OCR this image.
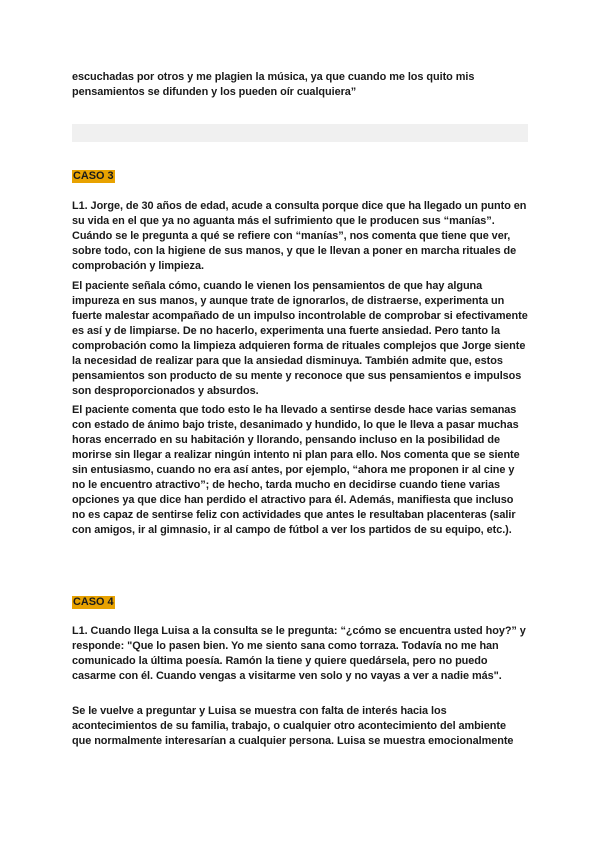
escuchadas por otros y me plagien la música, ya que cuando me los quito mis pensamientos se difunden y los pueden oír cualquiera”

CASO 3

L1. Jorge, de 30 años de edad, acude a consulta porque dice que ha llegado un punto en su vida en el que ya no aguanta más el sufrimiento que le producen sus “manías”. Cuándo se le pregunta a qué se refiere con “manías”, nos comenta que tiene que ver, sobre todo, con la higiene de sus manos, y que le llevan a poner en marcha rituales de comprobación y limpieza.

El paciente señala cómo, cuando le vienen los pensamientos de que hay alguna impureza en sus manos, y aunque trate de ignorarlos, de distraerse, experimenta un fuerte malestar acompañado de un impulso incontrolable de comprobar si efectivamente es así y de limpiarse. De no hacerlo, experimenta una fuerte ansiedad. Pero tanto la comprobación como la limpieza adquieren forma de rituales complejos que Jorge siente la necesidad de realizar para que la ansiedad disminuya. También admite que, estos pensamientos son producto de su mente y reconoce que sus pensamientos e impulsos son desproporcionados y absurdos.

El paciente comenta que todo esto le ha llevado a sentirse desde hace varias semanas con estado de ánimo bajo triste, desanimado y hundido, lo que le lleva a pasar muchas horas encerrado en su habitación y llorando, pensando incluso en la posibilidad de morirse sin llegar a realizar ningún intento ni plan para ello. Nos comenta que se siente sin entusiasmo, cuando no era así antes, por ejemplo, “ahora me proponen ir al cine y no le encuentro atractivo”; de hecho, tarda mucho en decidirse cuando tiene varias opciones ya que dice han perdido el atractivo para él. Además, manifiesta que incluso no es capaz de sentirse feliz con actividades que antes le resultaban placenteras (salir con amigos, ir al gimnasio, ir al campo de fútbol a ver los partidos de su equipo, etc.).

CASO 4

L1. Cuando llega Luisa a la consulta se le pregunta: “¿cómo se encuentra usted hoy?” y responde: "Que lo pasen bien. Yo me siento sana como torraza. Todavía no me han comunicado la última poesía. Ramón la tiene y quiere quedársela, pero no puedo casarme con él. Cuando vengas a visitarme ven solo y no vayas a ver a nadie más".

Se le vuelve a preguntar y Luisa se muestra con falta de interés hacia los acontecimientos de su familia, trabajo, o cualquier otro acontecimiento del ambiente que normalmente interesarían a cualquier persona. Luisa se muestra emocionalmente
